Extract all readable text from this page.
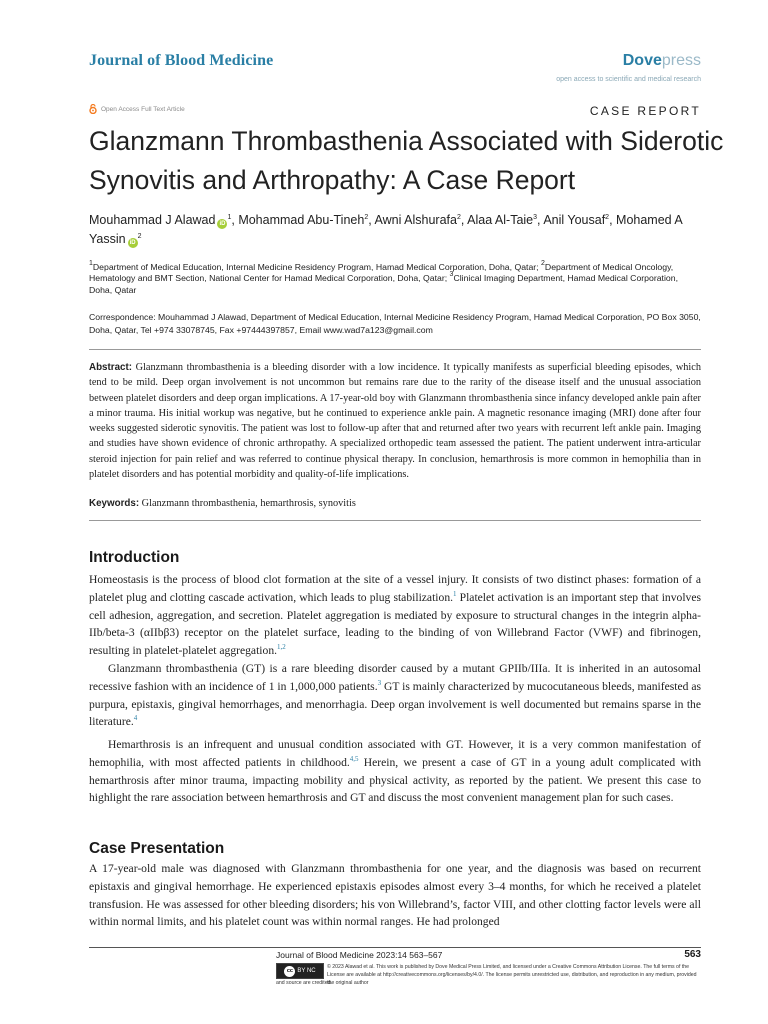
Journal of Blood Medicine	Dovepress
open access to scientific and medical research
Open Access Full Text Article	CASE REPORT
Glanzmann Thrombasthenia Associated with Siderotic Synovitis and Arthropathy: A Case Report
Mouhammad J Alawad $iD^1$, Mohammad Abu-Tineh$^2$, Awni Alshurafa$^2$, Alaa Al-Taie$^3$, Anil Yousaf$^2$, Mohamed A Yassin $iD^2$
$^1$Department of Medical Education, Internal Medicine Residency Program, Hamad Medical Corporation, Doha, Qatar; $^2$Department of Medical Oncology, Hematology and BMT Section, National Center for Hamad Medical Corporation, Doha, Qatar; $^3$Clinical Imaging Department, Hamad Medical Corporation, Doha, Qatar
Correspondence: Mouhammad J Alawad, Department of Medical Education, Internal Medicine Residency Program, Hamad Medical Corporation, PO Box 3050, Doha, Qatar, Tel +974 33078745, Fax +97444397857, Email www.wad7a123@gmail.com
Abstract: Glanzmann thrombasthenia is a bleeding disorder with a low incidence. It typically manifests as superficial bleeding episodes, which tend to be mild. Deep organ involvement is not uncommon but remains rare due to the rarity of the disease itself and the unusual association between platelet disorders and deep organ implications. A 17-year-old boy with Glanzmann thrombasthenia since infancy developed ankle pain after a minor trauma. His initial workup was negative, but he continued to experience ankle pain. A magnetic resonance imaging (MRI) done after four weeks suggested siderotic synovitis. The patient was lost to follow-up after that and returned after two years with recurrent left ankle pain. Imaging and studies have shown evidence of chronic arthropathy. A specialized orthopedic team assessed the patient. The patient underwent intra-articular steroid injection for pain relief and was referred to continue physical therapy. In conclusion, hemarthrosis is more common in hemophilia than in platelet disorders and has potential morbidity and quality-of-life implications.
Keywords: Glanzmann thrombasthenia, hemarthrosis, synovitis
Introduction

Homeostasis is the process of blood clot formation at the site of a vessel injury. It consists of two distinct phases: formation of a platelet plug and clotting cascade activation, which leads to plug stabilization.$^1$ Platelet activation is an important step that involves cell adhesion, aggregation, and secretion. Platelet aggregation is mediated by exposure to structural changes in the integrin alpha-IIb/beta-3 (αIIbβ3) receptor on the platelet surface, leading to the binding of von Willebrand Factor (VWF) and fibrinogen, resulting in platelet-platelet aggregation.$^{1,2}$

Glanzmann thrombasthenia (GT) is a rare bleeding disorder caused by a mutant GPIIb/IIIa. It is inherited in an autosomal recessive fashion with an incidence of 1 in 1,000,000 patients.$^3$ GT is mainly characterized by mucocutaneous bleeds, manifested as purpura, epistaxis, gingival hemorrhages, and menorrhagia. Deep organ involvement is well documented but remains sparse in the literature.$^4$

Hemarthrosis is an infrequent and unusual condition associated with GT. However, it is a very common manifestation of hemophilia, with most affected patients in childhood.$^{4,5}$ Herein, we present a case of GT in a young adult complicated with hemarthrosis after minor trauma, impacting mobility and physical activity, as reported by the patient. We present this case to highlight the rare association between hemarthrosis and GT and discuss the most convenient management plan for such cases.

Case Presentation

A 17-year-old male was diagnosed with Glanzmann thrombasthenia for one year, and the diagnosis was based on recurrent epistaxis and gingival hemorrhage. He experienced epistaxis episodes almost every 3–4 months, for which he received a platelet transfusion. He was assessed for other bleeding disorders; his von Willebrand’s, factor VIII, and other clotting factor levels were all within normal limits, and his platelet count was within normal ranges. He had prolonged

Journal of Blood Medicine 2023:14 563–567	563
cc BY NC
© 2023 Alawad et al. This work is published by Dove Medical Press Limited, and licensed under a Creative Commons Attribution License. The full terms of the License are available at http://creativecommons.org/licenses/by/4.0/. The license permits unrestricted use, distribution, and reproduction in any medium, provided the original author
and source are credited.
